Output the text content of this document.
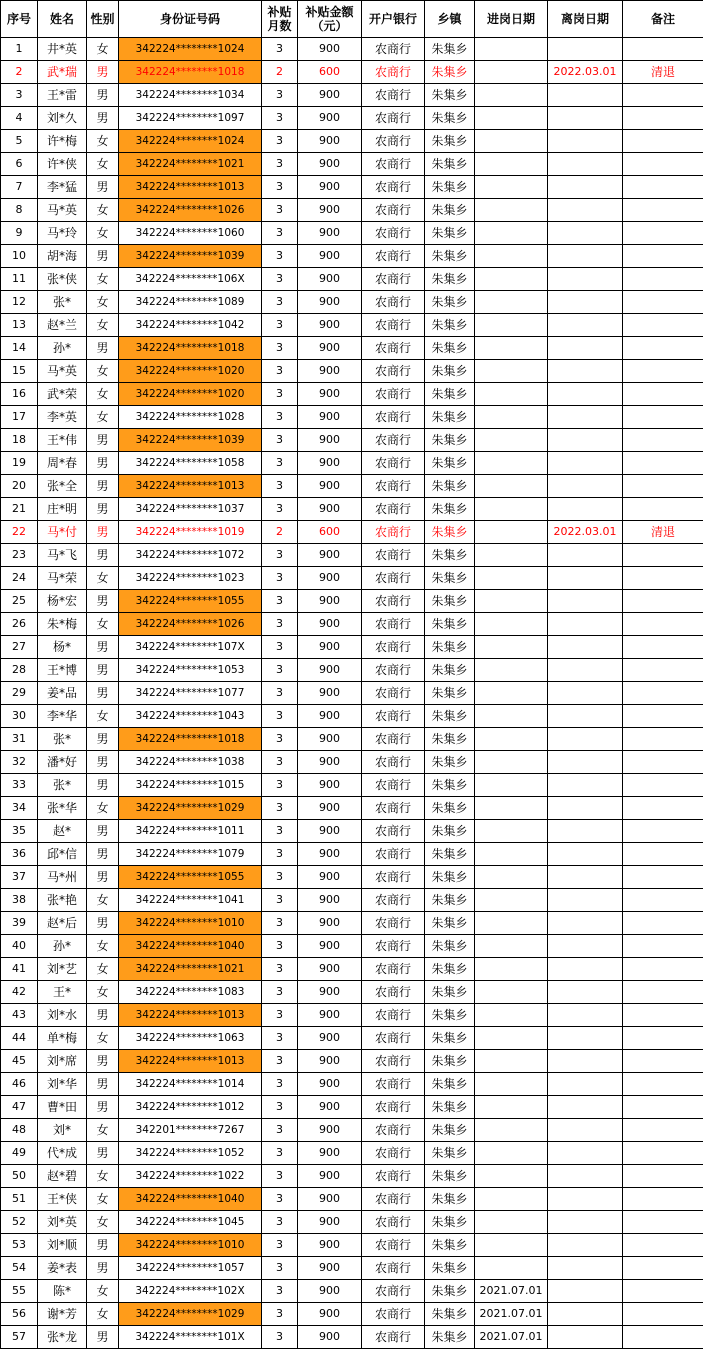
序号	姓名	性别	身份证号码	补贴月数	补贴金额（元）	开户银行	乡镇	进岗日期	离岗日期	备注
1	井*英	女	342224********1024	3	900	农商行	朱集乡			
2	武*瑞	男	342224********1018	2	600	农商行	朱集乡		2022.03.01	清退
3	王*雷	男	342224********1034	3	900	农商行	朱集乡			
4	刘*久	男	342224********1097	3	900	农商行	朱集乡			
5	许*梅	女	342224********1024	3	900	农商行	朱集乡			
6	许*侠	女	342224********1021	3	900	农商行	朱集乡			
7	李*猛	男	342224********1013	3	900	农商行	朱集乡			
8	马*英	女	342224********1026	3	900	农商行	朱集乡			
9	马*玲	女	342224********1060	3	900	农商行	朱集乡			
10	胡*海	男	342224********1039	3	900	农商行	朱集乡			
11	张*侠	女	342224********106X	3	900	农商行	朱集乡			
12	张*	女	342224********1089	3	900	农商行	朱集乡			
13	赵*兰	女	342224********1042	3	900	农商行	朱集乡			
14	孙*	男	342224********1018	3	900	农商行	朱集乡			
15	马*英	女	342224********1020	3	900	农商行	朱集乡			
16	武*荣	女	342224********1020	3	900	农商行	朱集乡			
17	李*英	女	342224********1028	3	900	农商行	朱集乡			
18	王*伟	男	342224********1039	3	900	农商行	朱集乡			
19	周*春	男	342224********1058	3	900	农商行	朱集乡			
20	张*全	男	342224********1013	3	900	农商行	朱集乡			
21	庄*明	男	342224********1037	3	900	农商行	朱集乡			
22	马*付	男	342224********1019	2	600	农商行	朱集乡		2022.03.01	清退
23	马*飞	男	342224********1072	3	900	农商行	朱集乡			
24	马*荣	女	342224********1023	3	900	农商行	朱集乡			
25	杨*宏	男	342224********1055	3	900	农商行	朱集乡			
26	朱*梅	女	342224********1026	3	900	农商行	朱集乡			
27	杨*	男	342224********107X	3	900	农商行	朱集乡			
28	王*博	男	342224********1053	3	900	农商行	朱集乡			
29	姜*品	男	342224********1077	3	900	农商行	朱集乡			
30	李*华	女	342224********1043	3	900	农商行	朱集乡			
31	张*	男	342224********1018	3	900	农商行	朱集乡			
32	潘*好	男	342224********1038	3	900	农商行	朱集乡			
33	张*	男	342224********1015	3	900	农商行	朱集乡			
34	张*华	女	342224********1029	3	900	农商行	朱集乡			
35	赵*	男	342224********1011	3	900	农商行	朱集乡			
36	邱*信	男	342224********1079	3	900	农商行	朱集乡			
37	马*州	男	342224********1055	3	900	农商行	朱集乡			
38	张*艳	女	342224********1041	3	900	农商行	朱集乡			
39	赵*后	男	342224********1010	3	900	农商行	朱集乡			
40	孙*	女	342224********1040	3	900	农商行	朱集乡			
41	刘*艺	女	342224********1021	3	900	农商行	朱集乡			
42	王*	女	342224********1083	3	900	农商行	朱集乡			
43	刘*水	男	342224********1013	3	900	农商行	朱集乡			
44	单*梅	女	342224********1063	3	900	农商行	朱集乡			
45	刘*席	男	342224********1013	3	900	农商行	朱集乡			
46	刘*华	男	342224********1014	3	900	农商行	朱集乡			
47	曹*田	男	342224********1012	3	900	农商行	朱集乡			
48	刘*	女	342201********7267	3	900	农商行	朱集乡			
49	代*成	男	342224********1052	3	900	农商行	朱集乡			
50	赵*碧	女	342224********1022	3	900	农商行	朱集乡			
51	王*侠	女	342224********1040	3	900	农商行	朱集乡			
52	刘*英	女	342224********1045	3	900	农商行	朱集乡			
53	刘*顺	男	342224********1010	3	900	农商行	朱集乡			
54	姜*表	男	342224********1057	3	900	农商行	朱集乡			
55	陈*	女	342224********102X	3	900	农商行	朱集乡	2021.07.01		
56	谢*芳	女	342224********1029	3	900	农商行	朱集乡	2021.07.01		
57	张*龙	男	342224********101X	3	900	农商行	朱集乡	2021.07.01		
